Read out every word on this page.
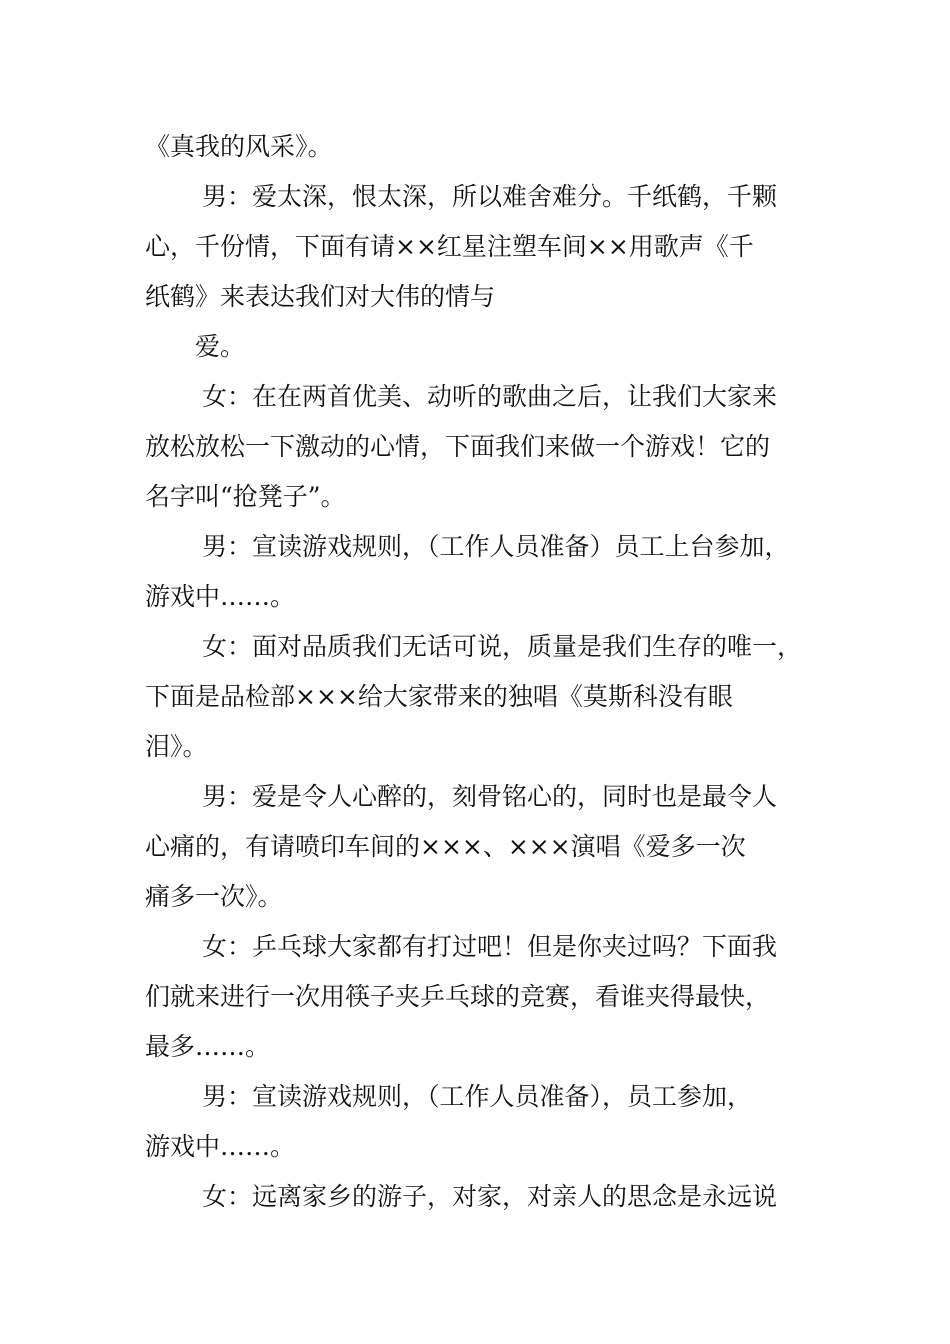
《真我的风采》。
男：爱太深，恨太深，所以难舍难分。千纸鹤，千颗
心，千份情，下面有请××红星注塑车间××用歌声《千
纸鹤》来表达我们对大伟的情与
爱。
女：在在两首优美、动听的歌曲之后，让我们大家来
放松放松一下激动的心情，下面我们来做一个游戏！它的
名字叫“抢凳子”。
男：宣读游戏规则，（工作人员准备）员工上台参加，
游戏中……。
女：面对品质我们无话可说，质量是我们生存的唯一，
下面是品检部×××给大家带来的独唱《莫斯科没有眼
泪》。
男：爱是令人心醉的，刻骨铭心的，同时也是最令人
心痛的，有请喷印车间的×××、×××演唱《爱多一次
痛多一次》。
女：乒乓球大家都有打过吧！但是你夹过吗？下面我
们就来进行一次用筷子夹乒乓球的竞赛，看谁夹得最快，
最多……。
男：宣读游戏规则，（工作人员准备），员工参加，
游戏中……。
女：远离家乡的游子，对家，对亲人的思念是永远说
